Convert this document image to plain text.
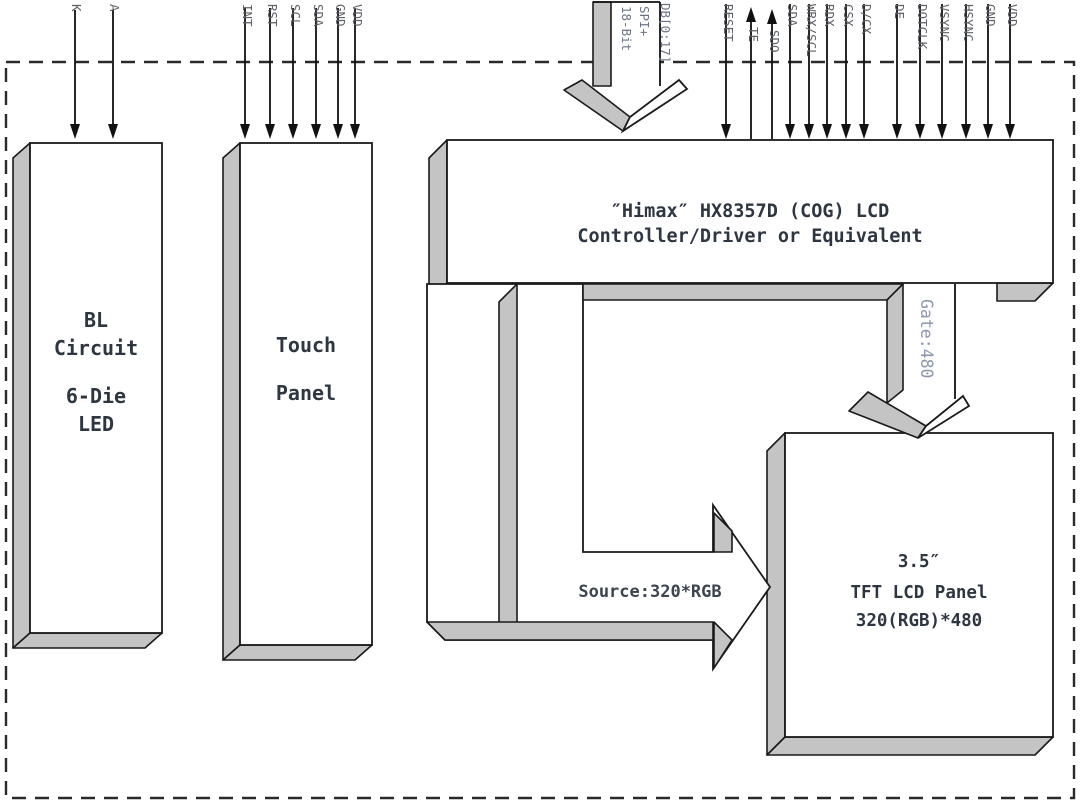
BL
Circuit
6-Die
LED
K A
Touch
Panel
INT RST SCL SDA GND VDD
3.5″
TFT LCD Panel
320(RGB)*480
″Himax″ HX8357D (COG) LCD
Controller/Driver or Equivalent
Source:320*RGB
Gate:480
18-Bit SPI+ DB[0:17]	RESET TE SDO
SDA WRX/SCL RDX CSX D/CX DE DOTCLK VSYNC HSYNC GND VDD
